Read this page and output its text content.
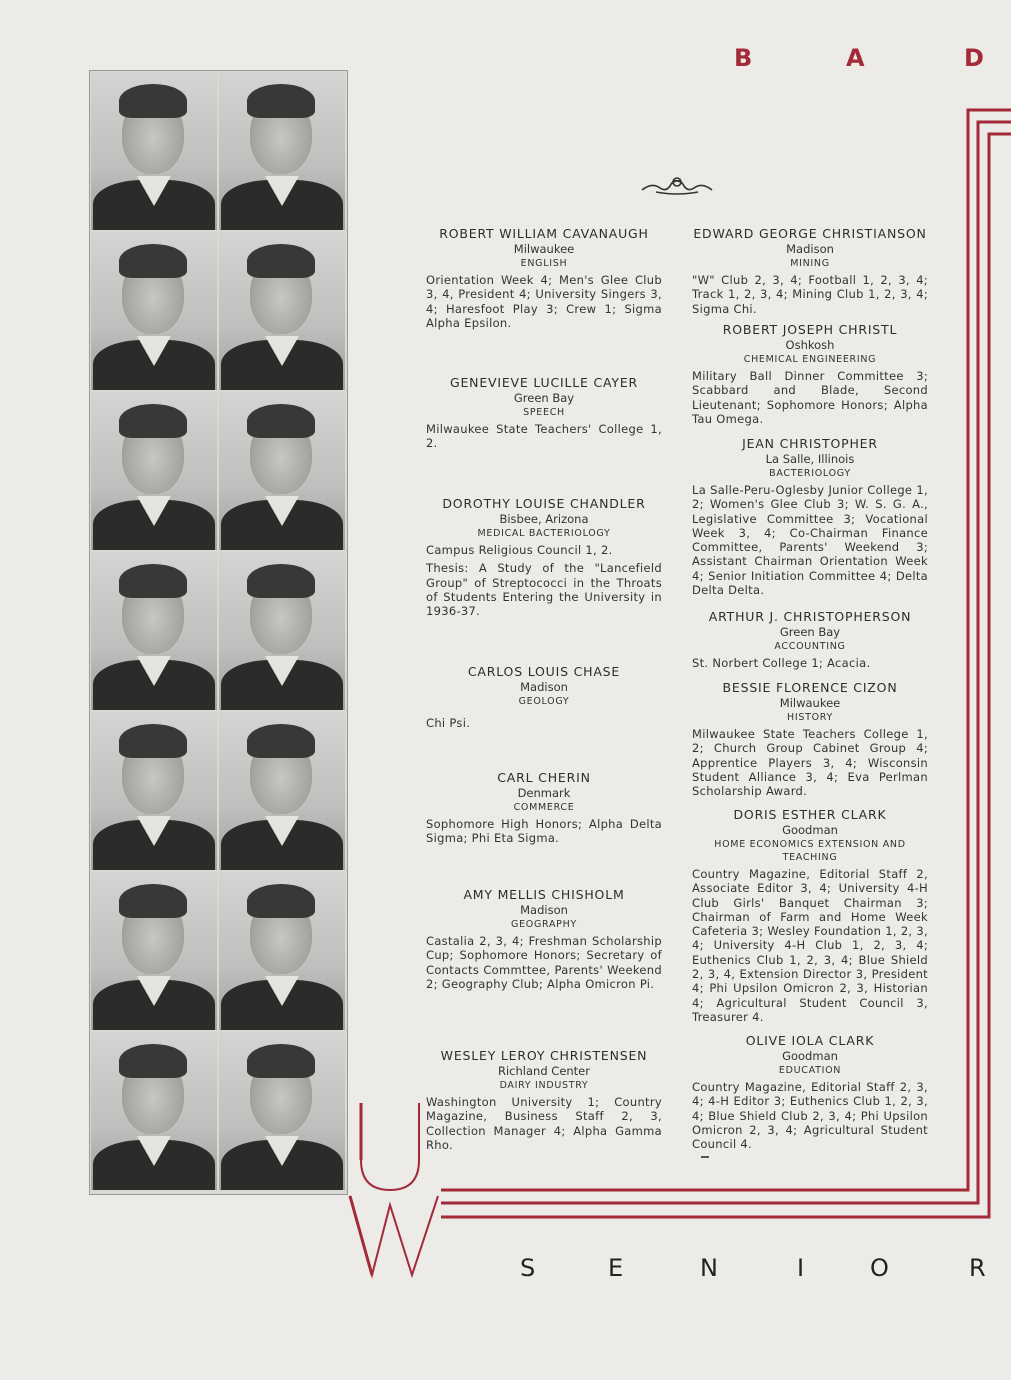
B	A	D
ROBERT WILLIAM CAVANAUGH
Milwaukee
ENGLISH
Orientation Week 4; Men's Glee Club 3, 4, President 4; University Singers 3, 4; Haresfoot Play 3; Crew 1; Sigma Alpha Epsilon.
GENEVIEVE LUCILLE CAYER
Green Bay
SPEECH
Milwaukee State Teachers' College 1, 2.
DOROTHY LOUISE CHANDLER
Bisbee, Arizona
MEDICAL BACTERIOLOGY
Campus Religious Council 1, 2.
Thesis: A Study of the "Lancefield Group" of Streptococci in the Throats of Students Entering the University in 1936-37.
CARLOS LOUIS CHASE
Madison
GEOLOGY
Chi Psi.
CARL CHERIN
Denmark
COMMERCE
Sophomore High Honors; Alpha Delta Sigma; Phi Eta Sigma.
AMY MELLIS CHISHOLM
Madison
GEOGRAPHY
Castalia 2, 3, 4; Freshman Scholarship Cup; Sophomore Honors; Secretary of Contacts Commttee, Parents' Weekend 2; Geography Club; Alpha Omicron Pi.
WESLEY LEROY CHRISTENSEN
Richland Center
DAIRY INDUSTRY
Washington University 1; Country Magazine, Business Staff 2, 3, Collection Manager 4; Alpha Gamma Rho.
EDWARD GEORGE CHRISTIANSON
Madison
MINING
"W" Club 2, 3, 4; Football 1, 2, 3, 4; Track 1, 2, 3, 4; Mining Club 1, 2, 3, 4; Sigma Chi.
ROBERT JOSEPH CHRISTL
Oshkosh
CHEMICAL ENGINEERING
Military Ball Dinner Committee 3; Scabbard and Blade, Second Lieutenant; Sophomore Honors; Alpha Tau Omega.
JEAN CHRISTOPHER
La Salle, Illinois
BACTERIOLOGY
La Salle-Peru-Oglesby Junior College 1, 2; Women's Glee Club 3; W. S. G. A., Legislative Committee 3; Vocational Week 3, 4; Co-Chairman Finance Committee, Parents' Weekend 3; Assistant Chairman Orientation Week 4; Senior Initiation Committee 4; Delta Delta Delta.
ARTHUR J. CHRISTOPHERSON
Green Bay
ACCOUNTING
St. Norbert College 1; Acacia.
BESSIE FLORENCE CIZON
Milwaukee
HISTORY
Milwaukee State Teachers College 1, 2; Church Group Cabinet Group 4; Apprentice Players 3, 4; Wisconsin Student Alliance 3, 4; Eva Perlman Scholarship Award.
DORIS ESTHER CLARK
Goodman
HOME ECONOMICS EXTENSION AND TEACHING
Country Magazine, Editorial Staff 2, Associate Editor 3, 4; University 4-H Club Girls' Banquet Chairman 3; Chairman of Farm and Home Week Cafeteria 3; Wesley Foundation 1, 2, 3, 4; University 4-H Club 1, 2, 3, 4; Euthenics Club 1, 2, 3, 4; Blue Shield 2, 3, 4, Extension Director 3, President 4; Phi Upsilon Omicron 2, 3, Historian 4; Agricultural Student Council 3, Treasurer 4.
OLIVE IOLA CLARK
Goodman
EDUCATION
Country Magazine, Editorial Staff 2, 3, 4; 4-H Editor 3; Euthenics Club 1, 2, 3, 4; Blue Shield Club 2, 3, 4; Phi Upsilon Omicron 2, 3, 4; Agricultural Student Council 4.
S	E	N	I	O	R
